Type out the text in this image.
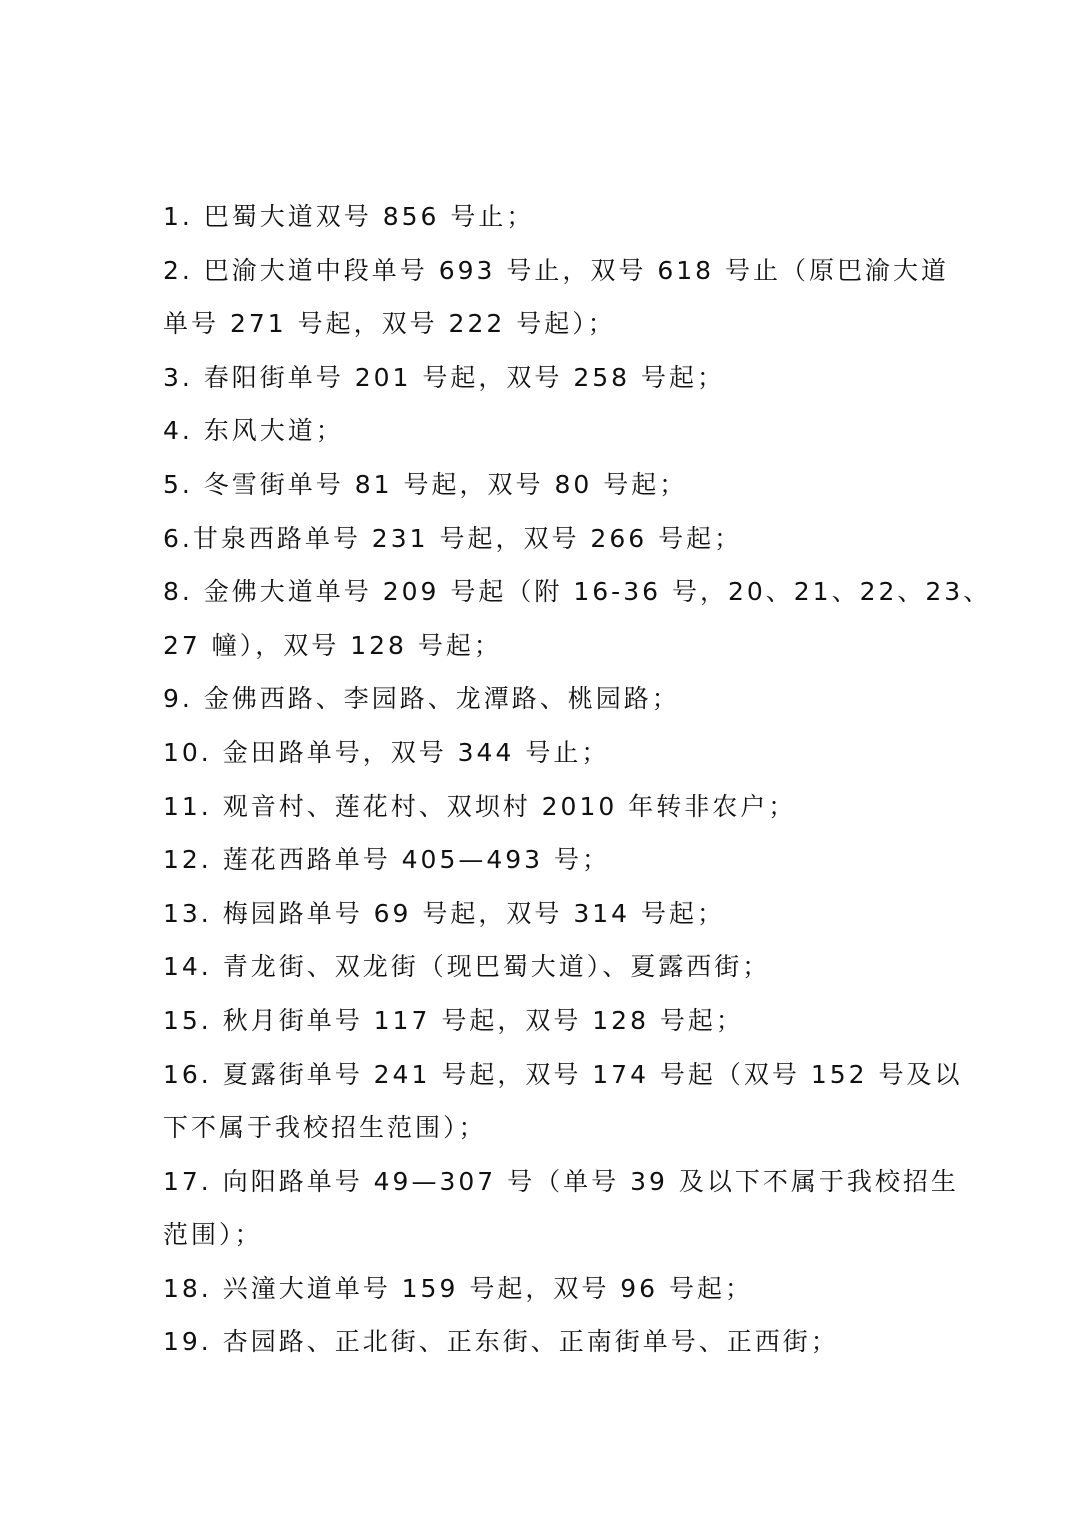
1. 巴蜀大道双号 856 号止；

2. 巴渝大道中段单号 693 号止，双号 618 号止（原巴渝大道
单号 271 号起，双号 222 号起）；

3. 春阳街单号 201 号起，双号 258 号起；

4. 东风大道；

5. 冬雪街单号 81 号起，双号 80 号起；

6.甘泉西路单号 231 号起，双号 266 号起；

8. 金佛大道单号 209 号起（附 16-36 号，20、21、22、23、
27 幢），双号 128 号起；

9. 金佛西路、李园路、龙潭路、桃园路；

10. 金田路单号，双号 344 号止；

11. 观音村、莲花村、双坝村 2010 年转非农户；

12. 莲花西路单号 405—493 号；

13. 梅园路单号 69 号起，双号 314 号起；

14. 青龙街、双龙街（现巴蜀大道）、夏露西街；

15. 秋月街单号 117 号起，双号 128 号起；

16. 夏露街单号 241 号起，双号 174 号起（双号 152 号及以
下不属于我校招生范围）；

17. 向阳路单号 49—307 号（单号 39 及以下不属于我校招生
范围）；

18. 兴潼大道单号 159 号起，双号 96 号起；

19. 杏园路、正北街、正东街、正南街单号、正西街；
